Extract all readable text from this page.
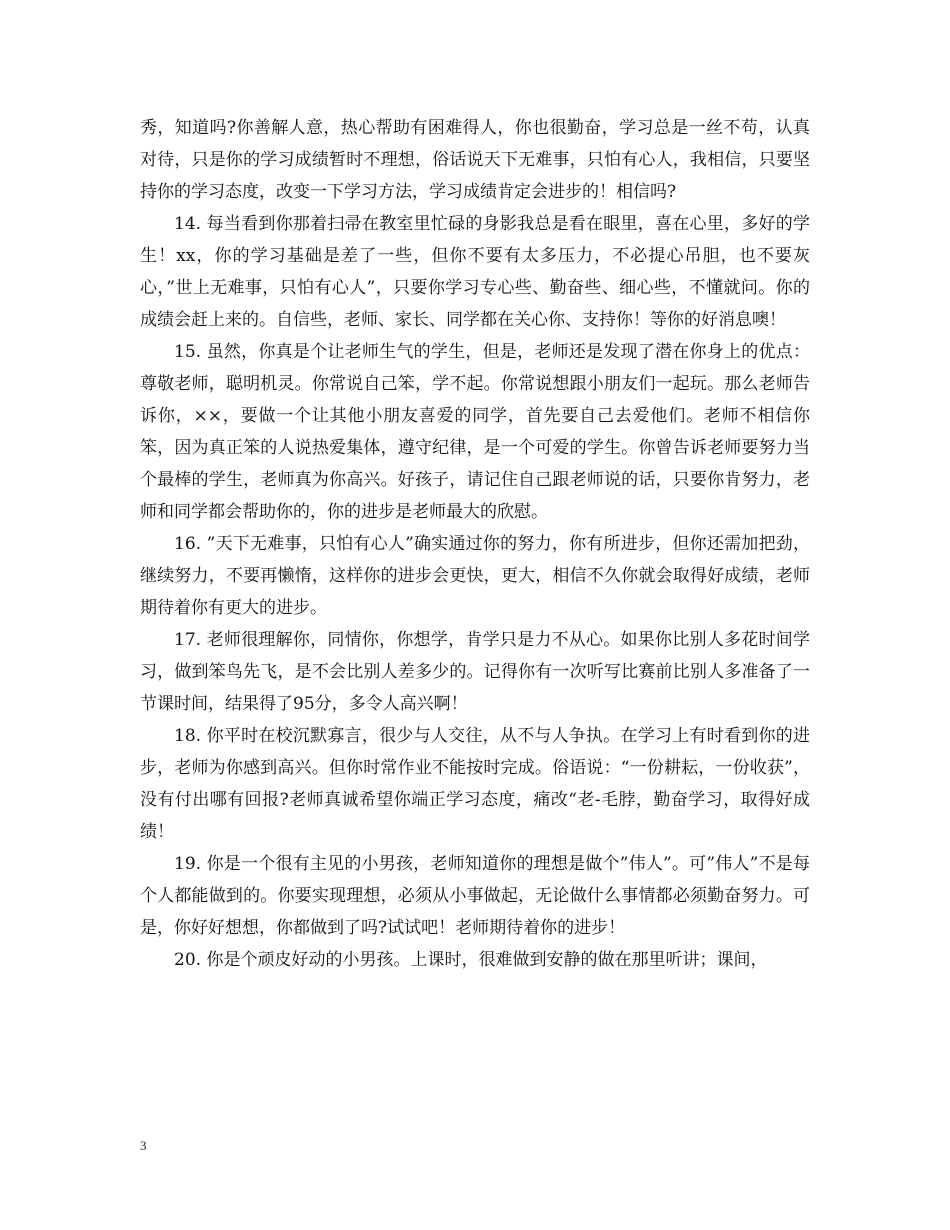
秀，知道吗?你善解人意，热心帮助有困难得人，你也很勤奋，学习总是一丝不苟，认真对待，只是你的学习成绩暂时不理想，俗话说天下无难事，只怕有心人，我相信，只要坚持你的学习态度，改变一下学习方法，学习成绩肯定会进步的！相信吗?

14. 每当看到你那着扫帚在教室里忙碌的身影我总是看在眼里，喜在心里，多好的学生！xx，你的学习基础是差了一些，但你不要有太多压力，不必提心吊胆，也不要灰心，”世上无难事，只怕有心人”，只要你学习专心些、勤奋些、细心些，不懂就问。你的成绩会赶上来的。自信些，老师、家长、同学都在关心你、支持你！等你的好消息噢！

15. 虽然，你真是个让老师生气的学生，但是，老师还是发现了潜在你身上的优点：尊敬老师，聪明机灵。你常说自己笨，学不起。你常说想跟小朋友们一起玩。那么老师告诉你，××，要做一个让其他小朋友喜爱的同学，首先要自己去爱他们。老师不相信你笨，因为真正笨的人说热爱集体，遵守纪律，是一个可爱的学生。你曾告诉老师要努力当个最棒的学生，老师真为你高兴。好孩子，请记住自己跟老师说的话，只要你肯努力，老师和同学都会帮助你的，你的进步是老师最大的欣慰。

16. ”天下无难事，只怕有心人”确实通过你的努力，你有所进步，但你还需加把劲，继续努力，不要再懒惰，这样你的进步会更快，更大，相信不久你就会取得好成绩，老师期待着你有更大的进步。

17. 老师很理解你，同情你，你想学，肯学只是力不从心。如果你比别人多花时间学习，做到笨鸟先飞，是不会比别人差多少的。记得你有一次听写比赛前比别人多准备了一节课时间，结果得了95分，多令人高兴啊！

18. 你平时在校沉默寡言，很少与人交往，从不与人争执。在学习上有时看到你的进步，老师为你感到高兴。但你时常作业不能按时完成。俗语说：“一份耕耘，一份收获”，没有付出哪有回报?老师真诚希望你端正学习态度，痛改“老-毛脖，勤奋学习，取得好成绩！

19. 你是一个很有主见的小男孩，老师知道你的理想是做个”伟人”。可”伟人”不是每个人都能做到的。你要实现理想，必须从小事做起，无论做什么事情都必须勤奋努力。可是，你好好想想，你都做到了吗?试试吧！老师期待着你的进步！

20. 你是个顽皮好动的小男孩。上课时，很难做到安静的做在那里听讲；课间，

3
